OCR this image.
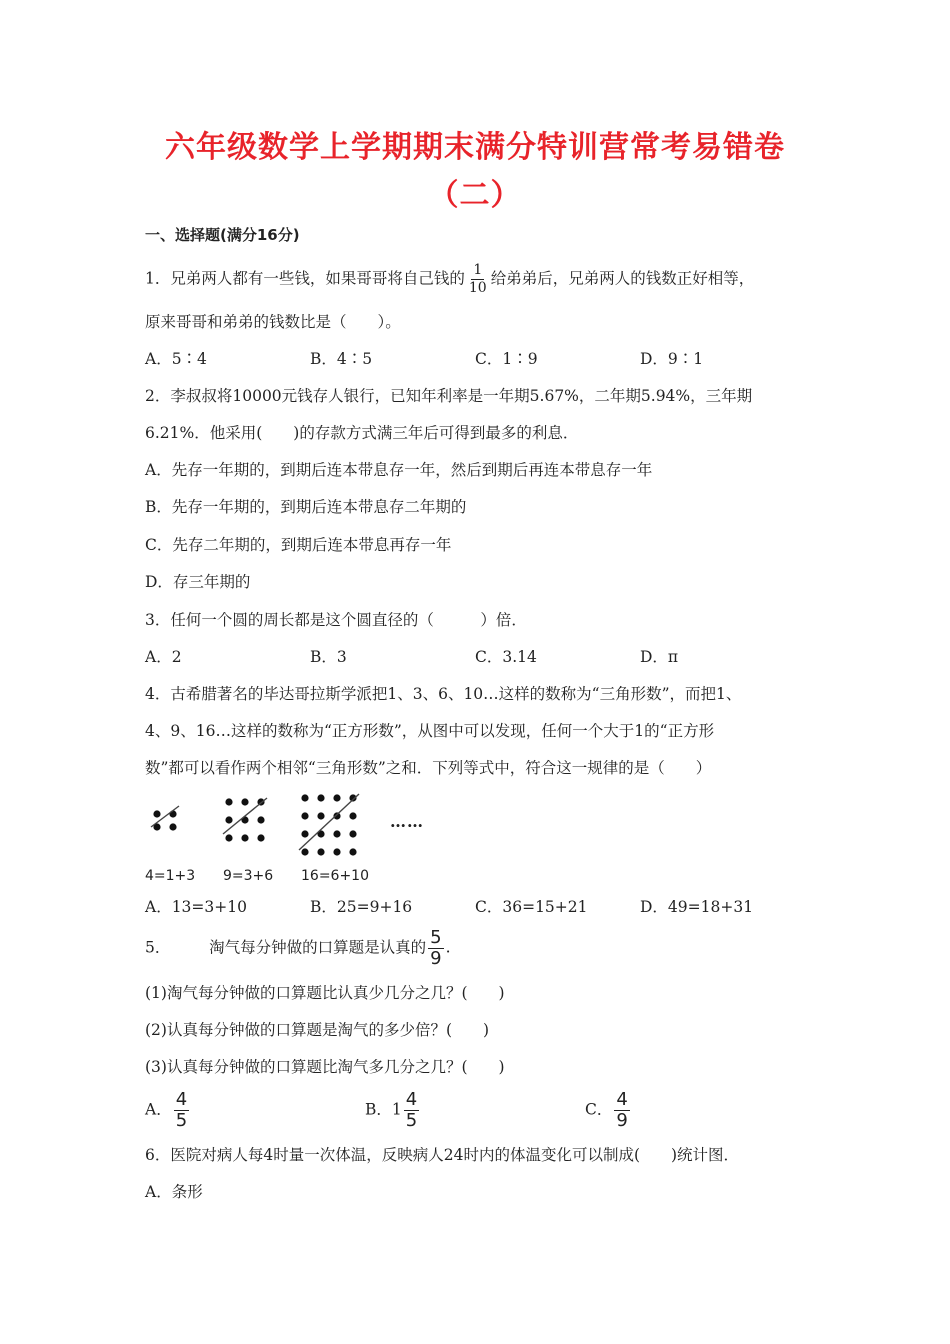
六年级数学上学期期末满分特训营常考易错卷
（二）
一、选择题(满分16分)
1．兄弟两人都有一些钱，如果哥哥将自己钱的 $\frac{1}{10}$ 给弟弟后，兄弟两人的钱数正好相等，
原来哥哥和弟弟的钱数比是（　　）。
A．5∶4	B．4∶5	C．1∶9	D．9∶1
2．李叔叔将10000元钱存人银行，已知年利率是一年期5.67%，二年期5.94%，三年期
6.21%．他采用(　　)的存款方式满三年后可得到最多的利息．
A．先存一年期的，到期后连本带息存一年，然后到期后再连本带息存一年
B．先存一年期的，到期后连本带息存二年期的
C．先存二年期的，到期后连本带息再存一年
D．存三年期的
3．任何一个圆的周长都是这个圆直径的（　　　）倍．
A．2	B．3	C．3.14	D．π
4．古希腊著名的毕达哥拉斯学派把1、3、6、10…这样的数称为“三角形数”，而把1、
4、9、16…这样的数称为“正方形数”，从图中可以发现，任何一个大于1的“正方形
数”都可以看作两个相邻“三角形数”之和．下列等式中，符合这一规律的是（　　）
……
4=1+3 9=3+6 16=6+10
A．13=3+10	B．25=9+16	C．36=15+21	D．49=18+31
5．　　　淘气每分钟做的口算题是认真的 $\frac{5}{9}$ .
(1)淘气每分钟做的口算题比认真少几分之几？(　　)
(2)认真每分钟做的口算题是淘气的多少倍？(　　)
(3)认真每分钟做的口算题比淘气多几分之几？(　　)
A． $\frac{4}{5}$	B．$1 \frac{4}{5}$	C． $\frac{4}{9}$
6．医院对病人每4时量一次体温，反映病人24时内的体温变化可以制成(　　)统计图．
A．条形
